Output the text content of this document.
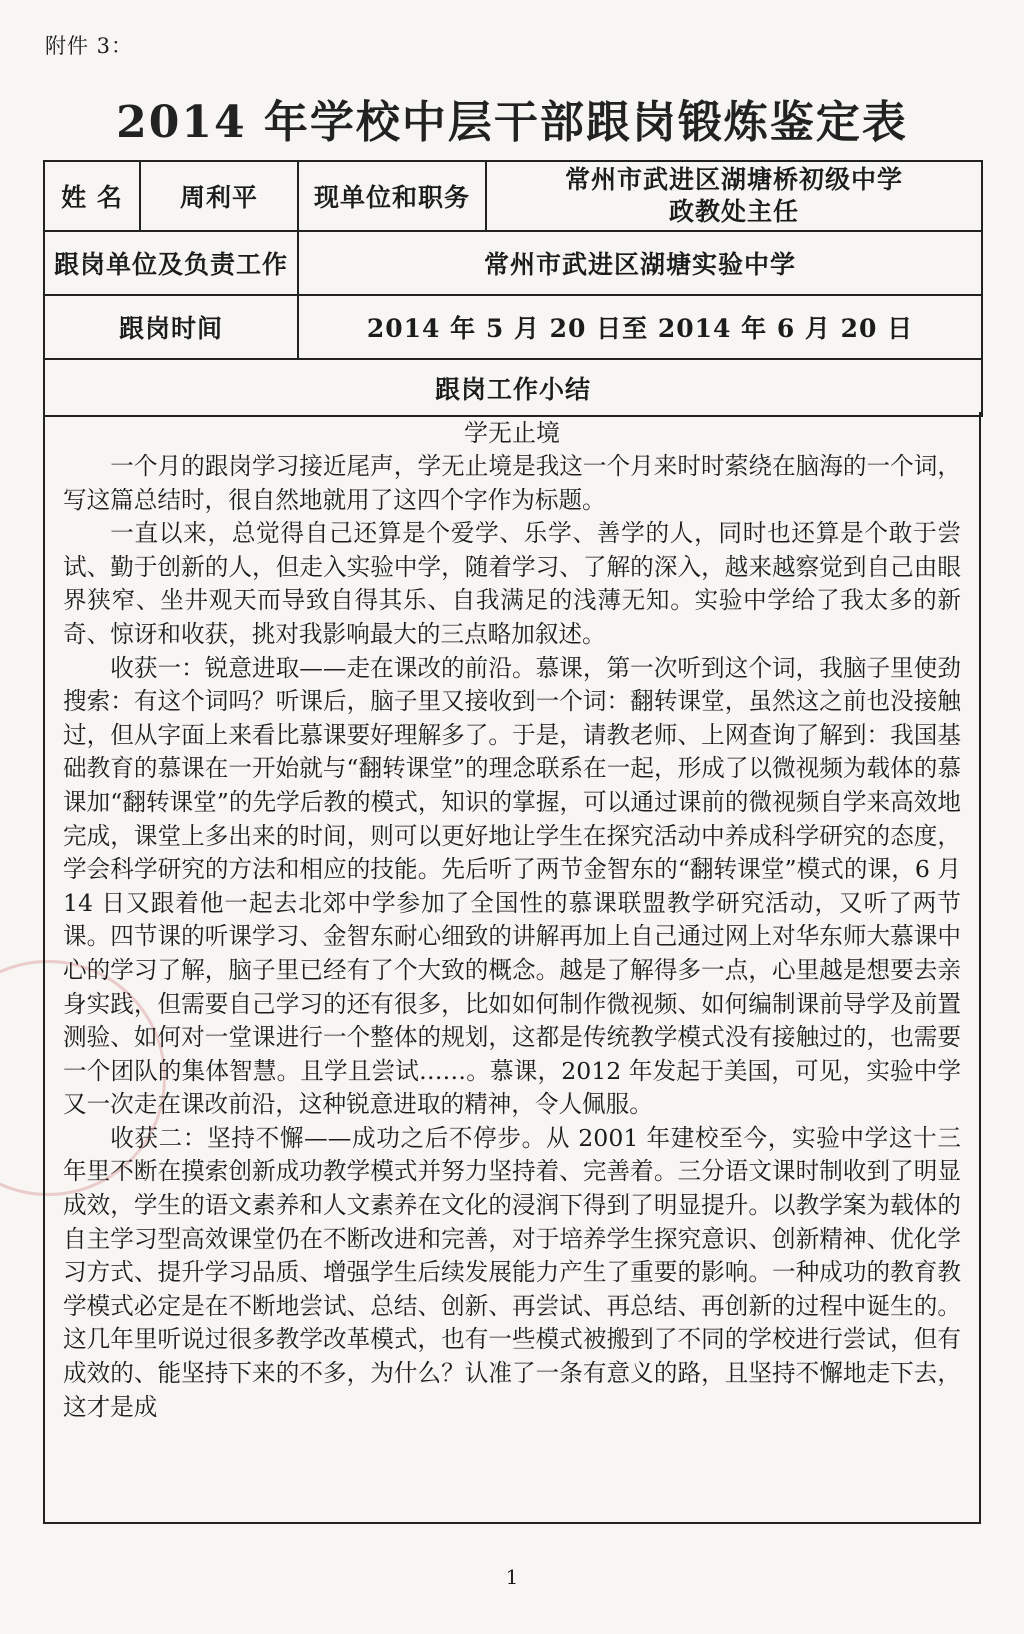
附件 3：
2014 年学校中层干部跟岗锻炼鉴定表
姓 名	周利平	现单位和职务	常州市武进区湖塘桥初级中学
政教处主任

跟岗单位及负责工作		常州市武进区湖塘实验中学	
跟岗时间		2014 年 5 月 20 日至 2014 年 6 月 20 日	
跟岗工作小结			
学无止境

一个月的跟岗学习接近尾声，学无止境是我这一个月来时时萦绕在脑海的一个词，写这篇总结时，很自然地就用了这四个字作为标题。

一直以来，总觉得自己还算是个爱学、乐学、善学的人，同时也还算是个敢于尝试、勤于创新的人，但走入实验中学，随着学习、了解的深入，越来越察觉到自己由眼界狭窄、坐井观天而导致自得其乐、自我满足的浅薄无知。实验中学给了我太多的新奇、惊讶和收获，挑对我影响最大的三点略加叙述。

收获一：锐意进取——走在课改的前沿。慕课，第一次听到这个词，我脑子里使劲搜索：有这个词吗？听课后，脑子里又接收到一个词：翻转课堂，虽然这之前也没接触过，但从字面上来看比慕课要好理解多了。于是，请教老师、上网查询了解到：我国基础教育的慕课在一开始就与“翻转课堂”的理念联系在一起，形成了以微视频为载体的慕课加“翻转课堂”的先学后教的模式，知识的掌握，可以通过课前的微视频自学来高效地完成，课堂上多出来的时间，则可以更好地让学生在探究活动中养成科学研究的态度，学会科学研究的方法和相应的技能。先后听了两节金智东的“翻转课堂”模式的课，6 月 14 日又跟着他一起去北郊中学参加了全国性的慕课联盟教学研究活动，又听了两节课。四节课的听课学习、金智东耐心细致的讲解再加上自己通过网上对华东师大慕课中心的学习了解，脑子里已经有了个大致的概念。越是了解得多一点，心里越是想要去亲身实践，但需要自己学习的还有很多，比如如何制作微视频、如何编制课前导学及前置测验、如何对一堂课进行一个整体的规划，这都是传统教学模式没有接触过的，也需要一个团队的集体智慧。且学且尝试……。慕课，2012 年发起于美国，可见，实验中学又一次走在课改前沿，这种锐意进取的精神，令人佩服。

收获二：坚持不懈——成功之后不停步。从 2001 年建校至今，实验中学这十三年里不断在摸索创新成功教学模式并努力坚持着、完善着。三分语文课时制收到了明显成效，学生的语文素养和人文素养在文化的浸润下得到了明显提升。以教学案为载体的自主学习型高效课堂仍在不断改进和完善，对于培养学生探究意识、创新精神、优化学习方式、提升学习品质、增强学生后续发展能力产生了重要的影响。一种成功的教育教学模式必定是在不断地尝试、总结、创新、再尝试、再总结、再创新的过程中诞生的。这几年里听说过很多教学改革模式，也有一些模式被搬到了不同的学校进行尝试，但有成效的、能坚持下来的不多，为什么？认准了一条有意义的路，且坚持不懈地走下去，这才是成

1
